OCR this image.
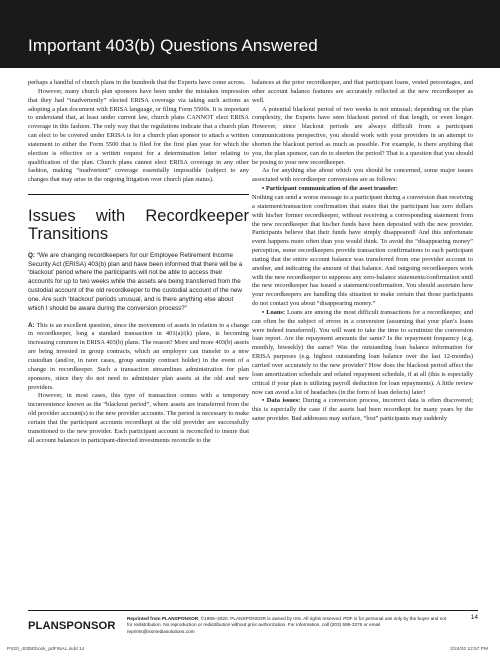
Important 403(b) Questions Answered

perhaps a handful of church plans in the hundreds that the Experts have come across.

However, many church plan sponsors have been under the mistaken impression that they had “inadvertently” elected ERISA coverage via taking such actions as adopting a plan document with ERISA language, or filing Form 5500s. It is important to understand that, at least under current law, church plans CANNOT elect ERISA coverage in this fashion. The only way that the regulations indicate that a church plan can elect to be covered under ERISA is for a church plan sponsor to attach a written statement to either the Form 5500 that is filed for the first plan year for which the election is effective or a written request for a determination letter relating to qualification of the plan. Church plans cannot elect ERISA coverage in any other fashion, making “inadvertent” coverage essentially impossible (subject to any changes that may arise in the ongoing litigation over church plan status).

Issues with Recordkeeper Transitions
Q: “We are changing recordkeepers for our Employee Retirement Income Security Act (ERISA) 403(b) plan and have been informed that there will be a ‘blackout’ period where the participants will not be able to access their accounts for up to two weeks while the assets are being transferred from the custodial account of the old recordkeeper to the custodial account of the new one. Are such ‘blackout’ periods unusual, and is there anything else about which I should be aware during the conversion process?”

A: This is an excellent question, since the movement of assets in relation to a change in recordkeeper, long a standard transaction in 401(a)/(k) plans, is becoming increasing common in ERISA 403(b) plans. The reason? More and more 403(b) assets are being invested in group contracts, which an employer can transfer to a new custodian (and/or, in rarer cases, group annuity contract holder) in the event of a change in recordkeeper. Such a transaction streamlines administration for plan sponsors, since they do not need to administer plan assets at the old and new providers.

However, in most cases, this type of transaction comes with a temporary inconvenience known as the “blackout period”, where assets are transferred from the old provider account(s) to the new provider accounts. The period is necessary to make certain that the participant accounts recordkept at the old provider are successfully transitioned to the new provider. Each participant account is reconciled to insure that all account balances in participant-directed investments reconcile to the

balances at the prior recordkeeper, and that participant loans, vested percentages, and other account balance features are accurately reflected at the new recordkeeper as well.

A potential blackout period of two weeks is not unusual; depending on the plan complexity, the Experts have seen blackout period of that length, or even longer. However, since blackout periods are always difficult from a participant communications perspective, you should work with your providers in an attempt to shorten the blackout period as much as possible. For example, is there anything that you, the plan sponsor, can do to shorten the period? That is a question that you should be posing to your new recordkeeper.

As for anything else about which you should be concerned, some major issues associated with recordkeeper conversions are as follows:

• Participant communication of the asset transfer:
Nothing can send a worse message to a participant during a conversion than receiving a statement/transaction confirmation that states that the participant has zero dollars with his/her former recordkeeper, without receiving a corresponding statement from the new recordkeeper that his/her funds have been deposited with the new provider. Participants believe that their funds have simply disappeared! And this unfortunate event happens more often than you would think. To avoid the “disappearing money” perception, some recordkeepers provide transaction confirmations to each participant stating that the entire account balance was transferred from one provider account to another, and indicating the amount of that balance. And outgoing recordkeepers work with the new recordkeeper to suppress any zero-balance statements/confirmation until the new recordkeeper has issued a statement/confirmation. You should ascertain how your recordkeepers are handling this situation to make certain that those participants do not contact you about “disappearing money.”

• Loans: Loans are among the most difficult transactions for a recordkeeper, and can often be the subject of errors in a conversion (assuming that your plan’s loans were indeed transferred). You will want to take the time to scrutinize the conversion loan report. Are the repayment amounts the same? Is the repayment frequency (e.g. monthly, biweekly) the same? Was the outstanding loan balance information for ERISA purposes (e.g. highest outstanding loan balance over the last 12-months) carried over accurately to the new provider? How does the blackout period affect the loan amortization schedule and related repayment schedule, if at all (this is especially critical if your plan is utilizing payroll deduction for loan repayments). A little review now can avoid a lot of headaches (in the form of loan defects) later!

• Data issues: During a conversion process, incorrect data is often discovered; this is especially the case if the assets had been recordkept for many years by the same provider. Bad addresses may surface, “lost” participants may suddenly

PLANSPONSOR
Reprinted from PLANSPONSOR, ©1989–2020. PLANSPONSOR is owned by ISS. All rights reserved. PDF is for personal use only by the buyer and not for redistribution. No reproduction or redistribution without prior authorization. For information, call (203) 595-3276 or email reprints@issmediasolutions.com
14
PS20_403bEbook_pdFINAL.indd 14	2/24/20 12:57 PM
